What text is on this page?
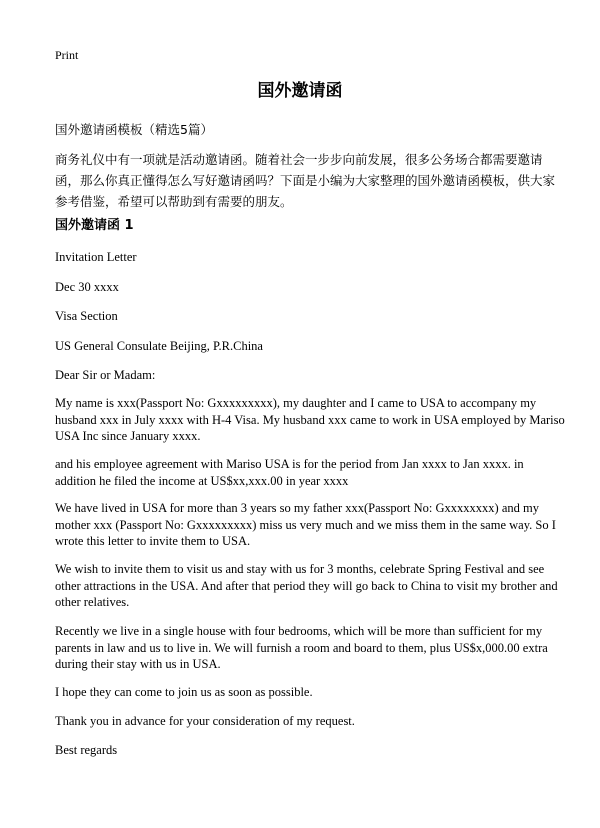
Print
国外邀请函
国外邀请函模板（精选5篇）
商务礼仪中有一项就是活动邀请函。随着社会一步步向前发展，很多公务场合都需要邀请函，那么你真正懂得怎么写好邀请函吗？下面是小编为大家整理的国外邀请函模板，供大家参考借鉴，希望可以帮助到有需要的朋友。
国外邀请函 1
Invitation Letter
Dec 30 xxxx
Visa Section
US General Consulate Beijing, P.R.China
Dear Sir or Madam:
My name is xxx(Passport No: Gxxxxxxxxx), my daughter and I came to USA to accompany my husband xxx in July xxxx with H-4 Visa. My husband xxx came to work in USA employed by Mariso USA Inc since January xxxx.
and his employee agreement with Mariso USA is for the period from Jan xxxx to Jan xxxx. in addition he filed the income at US$xx,xxx.00 in year xxxx
We have lived in USA for more than 3 years so my father xxx(Passport No: Gxxxxxxxx) and my mother xxx (Passport No: Gxxxxxxxxx) miss us very much and we miss them in the same way. So I wrote this letter to invite them to USA.
We wish to invite them to visit us and stay with us for 3 months, celebrate Spring Festival and see other attractions in the USA. And after that period they will go back to China to visit my brother and other relatives.
Recently we live in a single house with four bedrooms, which will be more than sufficient for my parents in law and us to live in. We will furnish a room and board to them, plus US$x,000.00 extra during their stay with us in USA.
I hope they can come to join us as soon as possible.
Thank you in advance for your consideration of my request.
Best regards
